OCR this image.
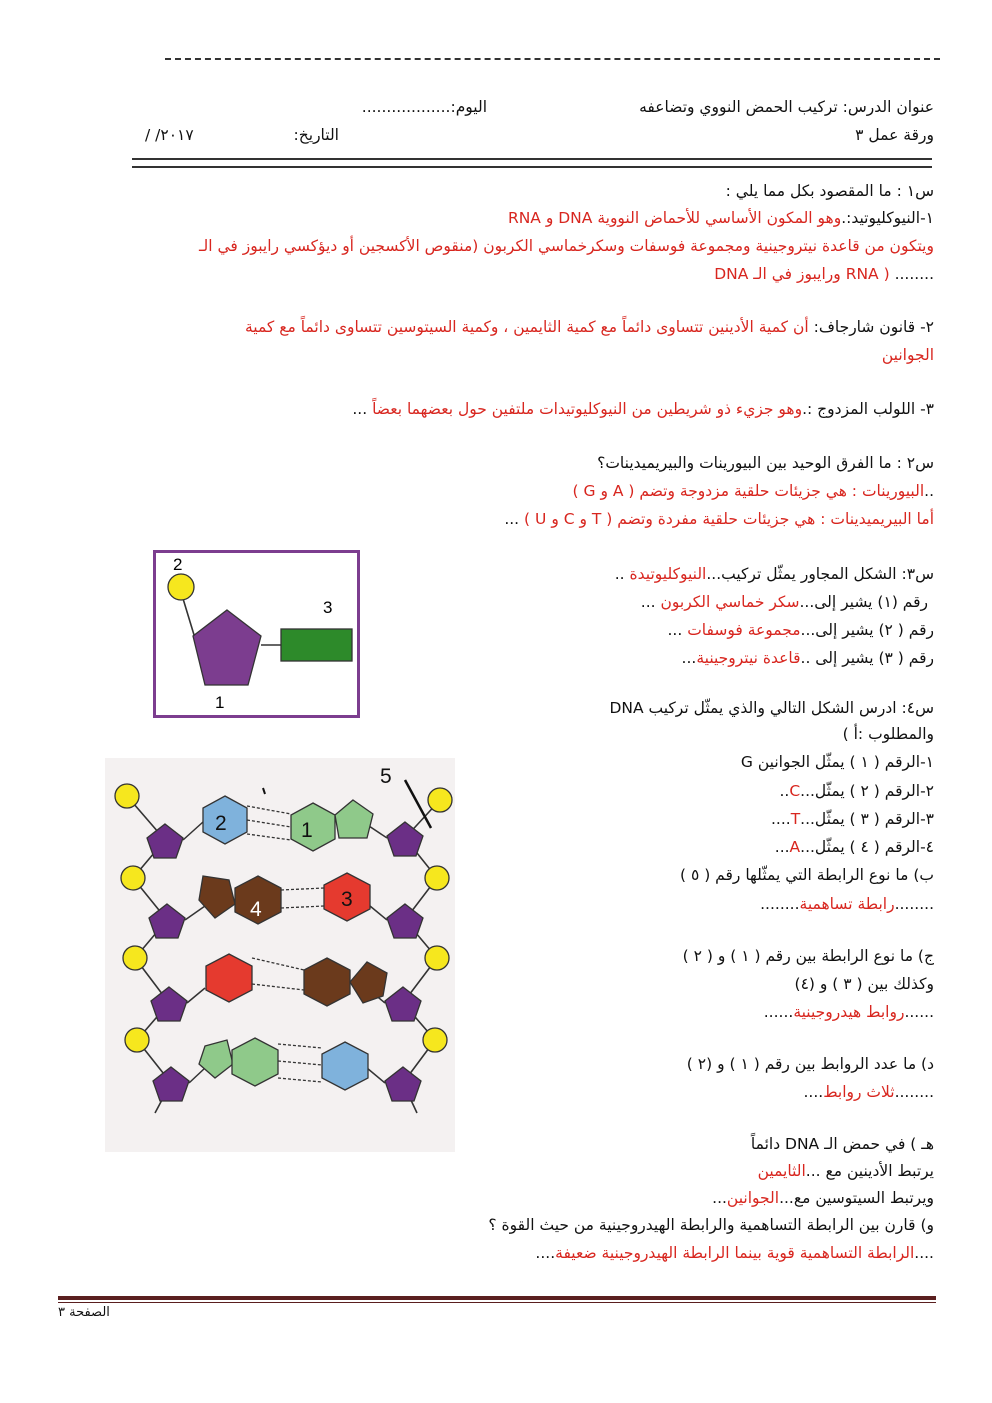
عنوان الدرس: تركيب الحمض النووي وتضاعفه
اليوم:..................
ورقة عمل ٣
التاريخ:
/ /٢٠١٧
س١ : ما المقصود بكل مما يلي :
١-النيوكليوتيد:.وهو المكون الأساسي للأحماض النووية DNA و RNA
ويتكون من قاعدة نيتروجينية ومجموعة فوسفات وسكرخماسي الكربون (منقوص الأكسجين أو ديؤكسي رايبوز في الـ
DNA ورايبوز في الـ RNA ) ........
٢- قانون شارجاف: أن كمية الأدينين تتساوى دائماً مع كمية الثايمين ، وكمية السيتوسين تتساوى دائماً مع كمية
الجوانين
٣- اللولب المزدوج :.وهو جزيء ذو شريطين من النيوكليوتيدات ملتفين حول بعضهما بعضاً ...
س٢ : ما الفرق الوحيد بين البيورينات والبيريميدينات؟
..البيورينات : هي جزيئات حلقية مزدوجة وتضم ( A و G )
أما البيريميدينات : هي جزيئات حلقية مفردة وتضم ( T و C و U ) ...
1
2
3
س٣: الشكل المجاور يمثّل تركيب...النيوكليوتيدة ..
رقم (١) يشير إلى...سكر خماسي الكربون ...
رقم ( ٢) يشير إلى...مجموعة فوسفات ...
رقم ( ٣) يشير إلى ..قاعدة نيتروجينية...
1
2
3
4
5
س٤: ادرس الشكل التالي والذي يمثّل تركيب DNA
والمطلوب :أ )
١-الرقم ( ١ ) يمثّل الجوانين G
٢-الرقم ( ٢ ) يمثّل...C..
٣-الرقم ( ٣ ) يمثّل...T....
٤-الرقم ( ٤ ) يمثّل...A...
ب) ما نوع الرابطة التي يمثّلها رقم ( ٥ )
........رابطة تساهمية........
ج) ما نوع الرابطة بين رقم ( ١ ) و ( ٢ )
وكذلك بين ( ٣ ) و (٤)
......روابط هيدروجينية......
د) ما عدد الروابط بين رقم ( ١ ) و (٢ )
........ثلاث روابط....
هـ ) في حمض الـ DNA دائماً
يرتبط الأدينين مع ...الثايمين
ويرتبط السيتوسين مع...الجوانين...
و) قارن بين الرابطة التساهمية والرابطة الهيدروجينية من حيث القوة ؟
....الرابطة التساهمية قوية بينما الرابطة الهيدروجينية ضعيفة....
الصفحة ٣
